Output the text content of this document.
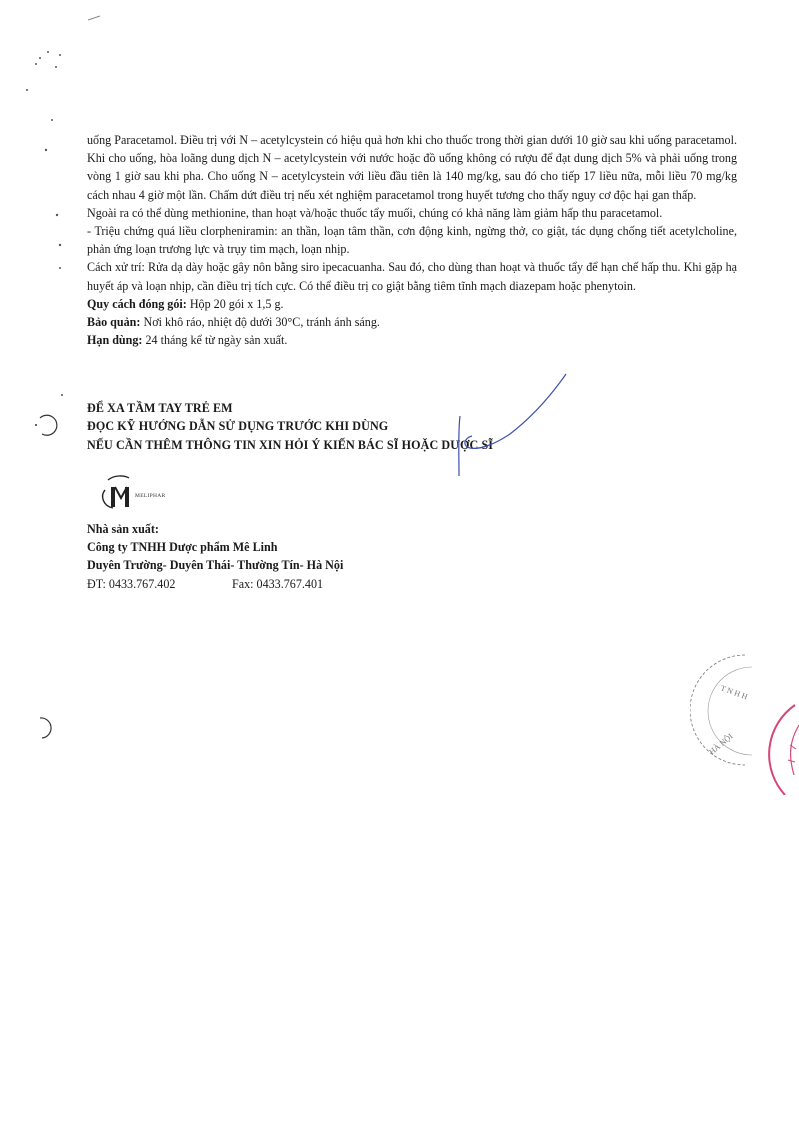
uống Paracetamol. Điều trị với N – acetylcystein có hiệu quả hơn khi cho thuốc trong thời gian dưới 10 giờ sau khi uống paracetamol. Khi cho uống, hòa loãng dung dịch N – acetylcystein với nước hoặc đồ uống không có rượu để đạt dung dịch 5% và phải uống trong vòng 1 giờ sau khi pha. Cho uống N – acetylcystein với liều đầu tiên là 140 mg/kg, sau đó cho tiếp 17 liều nữa, mỗi liều 70 mg/kg cách nhau 4 giờ một lần. Chấm dứt điều trị nếu xét nghiệm paracetamol trong huyết tương cho thấy nguy cơ độc hại gan thấp.

Ngoài ra có thể dùng methionine, than hoạt và/hoặc thuốc tẩy muối, chúng có khả năng làm giảm hấp thu paracetamol.

- Triệu chứng quá liều clorpheniramin: an thần, loạn tâm thần, cơn động kinh, ngừng thở, co giật, tác dụng chống tiết acetylcholine, phản ứng loạn trương lực và trụy tim mạch, loạn nhịp.

Cách xử trí: Rửa dạ dày hoặc gây nôn bằng siro ipecacuanha. Sau đó, cho dùng than hoạt và thuốc tẩy để hạn chế hấp thu. Khi gặp hạ huyết áp và loạn nhịp, cần điều trị tích cực. Có thể điều trị co giật bằng tiêm tĩnh mạch diazepam hoặc phenytoin.

Quy cách đóng gói: Hộp 20 gói x 1,5 g.

Bảo quản: Nơi khô ráo, nhiệt độ dưới 30°C, tránh ánh sáng.

Hạn dùng: 24 tháng kể từ ngày sản xuất.

ĐỂ XA TẦM TAY TRẺ EM
ĐỌC KỸ HƯỚNG DẪN SỬ DỤNG TRƯỚC KHI DÙNG
NẾU CẦN THÊM THÔNG TIN XIN HỎI Ý KIẾN BÁC SĨ HOẶC DƯỢC SĨ
MELIPHAR
Nhà sản xuất:
Công ty TNHH Dược phẩm Mê Linh
Duyên Trường- Duyên Thái- Thường Tín- Hà Nội
ĐT: 0433.767.402	Fax: 0433.767.401
T N H H
HÀ NỘI
